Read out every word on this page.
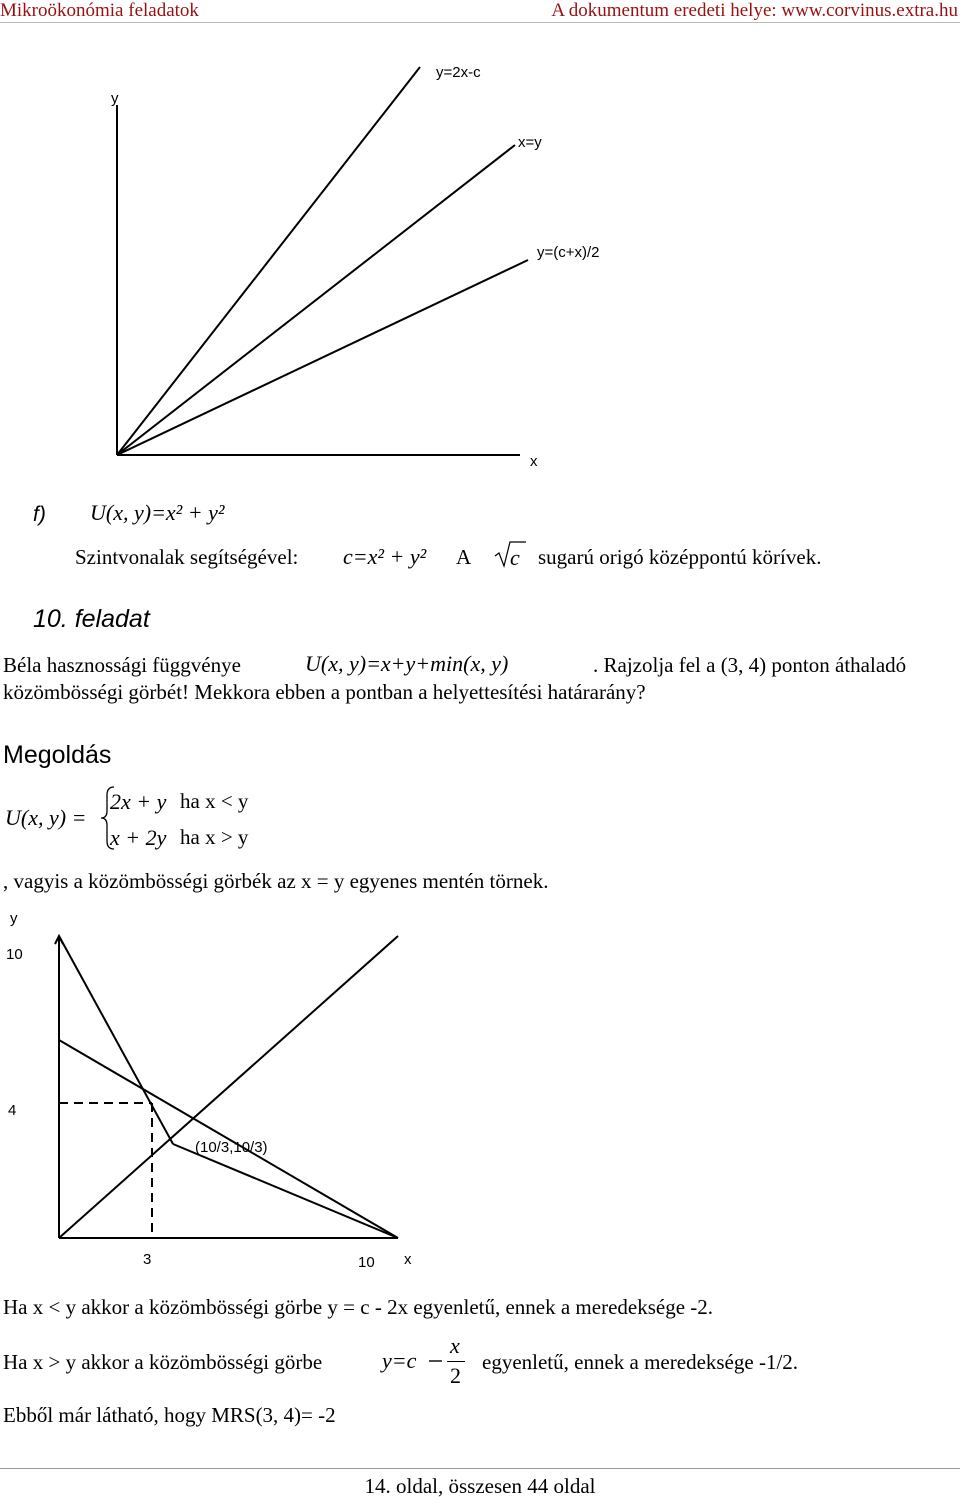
Mikroökonómia feladatok	A dokumentum eredeti helye: www.corvinus.extra.hu
y
x
y=2x-c
x=y
y=(c+x)/2
f) U(x, y)=x² + y²
Szintvonalak segítségével: c=x² + y² A c sugarú origó középpontú körívek.
10. feladat
Béla hasznossági függvénye	U(x, y)=x+y+min(x, y)	. Rajzolja fel a (3, 4) ponton áthaladó
közömbösségi görbét! Mekkora ebben a pontban a helyettesítési határarány?
Megoldás
U(x, y) =
2x + y ha x < y
x + 2y ha x > y
, vagyis a közömbösségi görbék az x = y egyenes mentén törnek.
y
10
4
3	10 x
(10/3,10/3)
Ha x < y akkor a közömbösségi görbe y = c - 2x egyenletű, ennek a meredeksége -2.
Ha x > y akkor a közömbösségi görbe	y=c
x
2
egyenletű, ennek a meredeksége -1/2.
Ebből már látható, hogy MRS(3, 4)= -2
14. oldal, összesen 44 oldal
